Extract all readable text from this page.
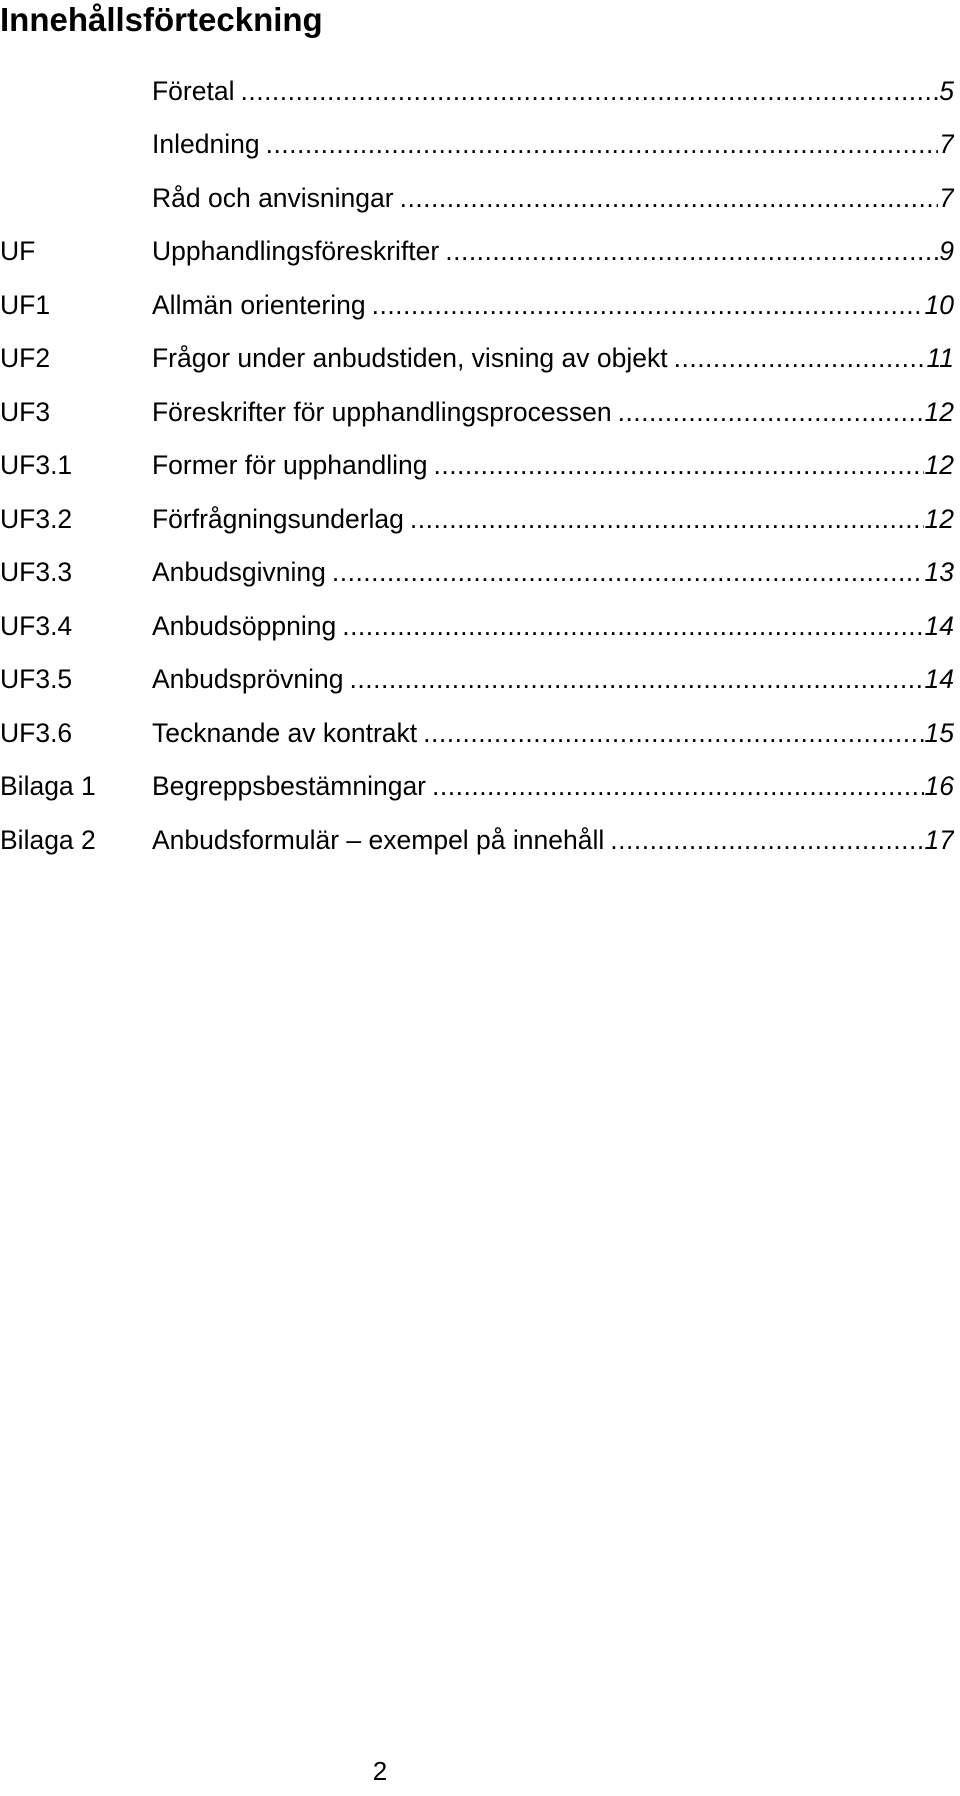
Innehållsförteckning
Företal .....	5
Inledning .....	7
Råd och anvisningar .....	7
UF	Upphandlingsföreskrifter .....	9
UF1	Allmän orientering .....	10
UF2	Frågor under anbudstiden, visning av objekt .....	11
UF3	Föreskrifter för upphandlingsprocessen .....	12
UF3.1	Former för upphandling .....	12
UF3.2	Förfrågningsunderlag .....	12
UF3.3	Anbudsgivning .....	13
UF3.4	Anbudsöppning .....	14
UF3.5	Anbudsprövning .....	14
UF3.6	Tecknande av kontrakt .....	15
Bilaga 1	Begreppsbestämningar .....	16
Bilaga 2	Anbudsformulär – exempel på innehåll .....	17
2
